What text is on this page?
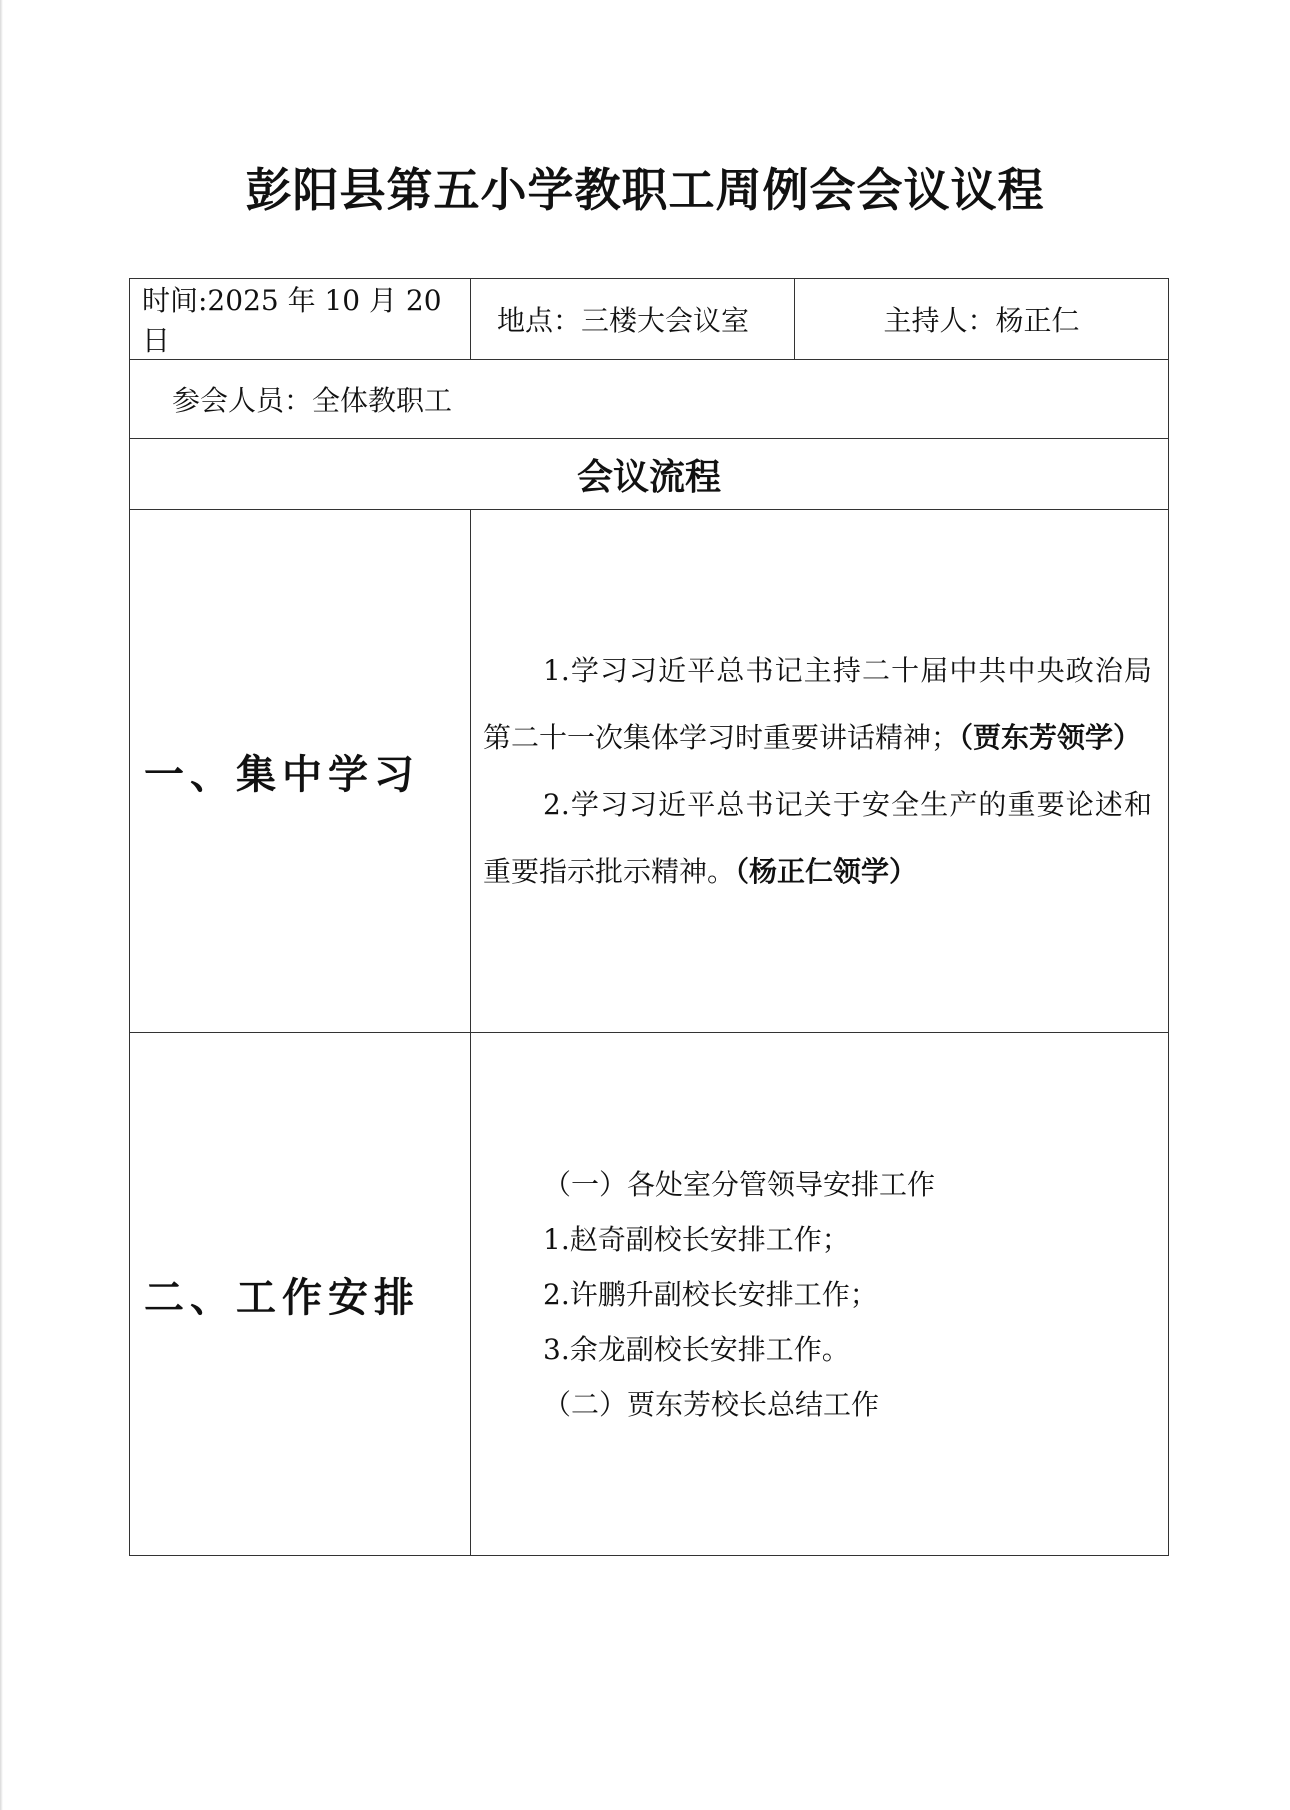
彭阳县第五小学教职工周例会会议议程
时间:2025 年 10 月 20 日	地点：三楼大会议室	主持人：杨正仁
参会人员：全体教职工		
会议流程		
一、集中学习	1.学习习近平总书记主持二十届中共中央政治局第二十一次集体学习时重要讲话精神；（贾东芳领学）

2.学习习近平总书记关于安全生产的重要论述和重要指示批示精神。（杨正仁领学）	

二、工作安排	（一）各处室分管领导安排工作
1.赵奇副校长安排工作；
2.许鹏升副校长安排工作；
3.余龙副校长安排工作。
（二）贾东芳校长总结工作	
